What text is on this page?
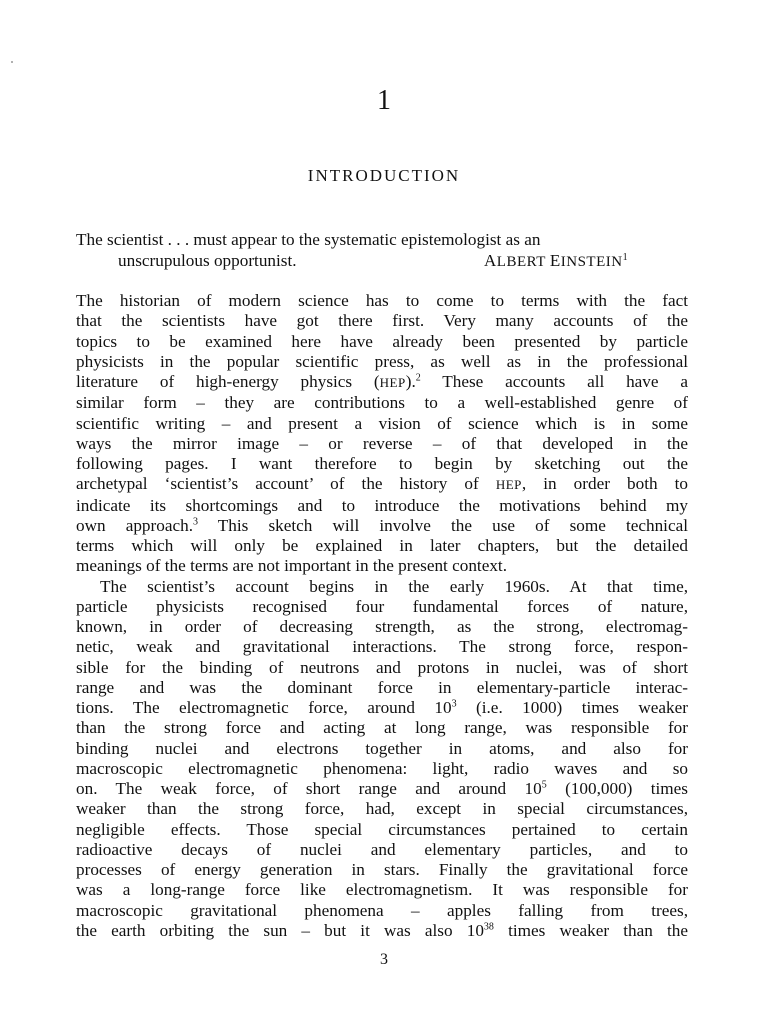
1
INTRODUCTION
The scientist . . . must appear to the systematic epistemologist as an
unscrupulous opportunist.	ALBERT EINSTEIN$^1$
The historian of modern science has to come to terms with the fact
that the scientists have got there first. Very many accounts of the
topics to be examined here have already been presented by particle
physicists in the popular scientific press, as well as in the professional
literature of high-energy physics (HEP).$^2$ These accounts all have a
similar form – they are contributions to a well-established genre of
scientific writing – and present a vision of science which is in some
ways the mirror image – or reverse – of that developed in the
following pages. I want therefore to begin by sketching out the
archetypal ‘scientist’s account’ of the history of HEP, in order both to
indicate its shortcomings and to introduce the motivations behind my
own approach.$^3$ This sketch will involve the use of some technical
terms which will only be explained in later chapters, but the detailed
meanings of the terms are not important in the present context.
The scientist’s account begins in the early 1960s. At that time,
particle physicists recognised four fundamental forces of nature,
known, in order of decreasing strength, as the strong, electromag-
netic, weak and gravitational interactions. The strong force, respon-
sible for the binding of neutrons and protons in nuclei, was of short
range and was the dominant force in elementary-particle interac-
tions. The electromagnetic force, around $10^3$ (i.e. 1000) times weaker
than the strong force and acting at long range, was responsible for
binding nuclei and electrons together in atoms, and also for
macroscopic electromagnetic phenomena: light, radio waves and so
on. The weak force, of short range and around $10^5$ (100,000) times
weaker than the strong force, had, except in special circumstances,
negligible effects. Those special circumstances pertained to certain
radioactive decays of nuclei and elementary particles, and to
processes of energy generation in stars. Finally the gravitational force
was a long-range force like electromagnetism. It was responsible for
macroscopic gravitational phenomena – apples falling from trees,
the earth orbiting the sun – but it was also $10^{38}$ times weaker than the
3
